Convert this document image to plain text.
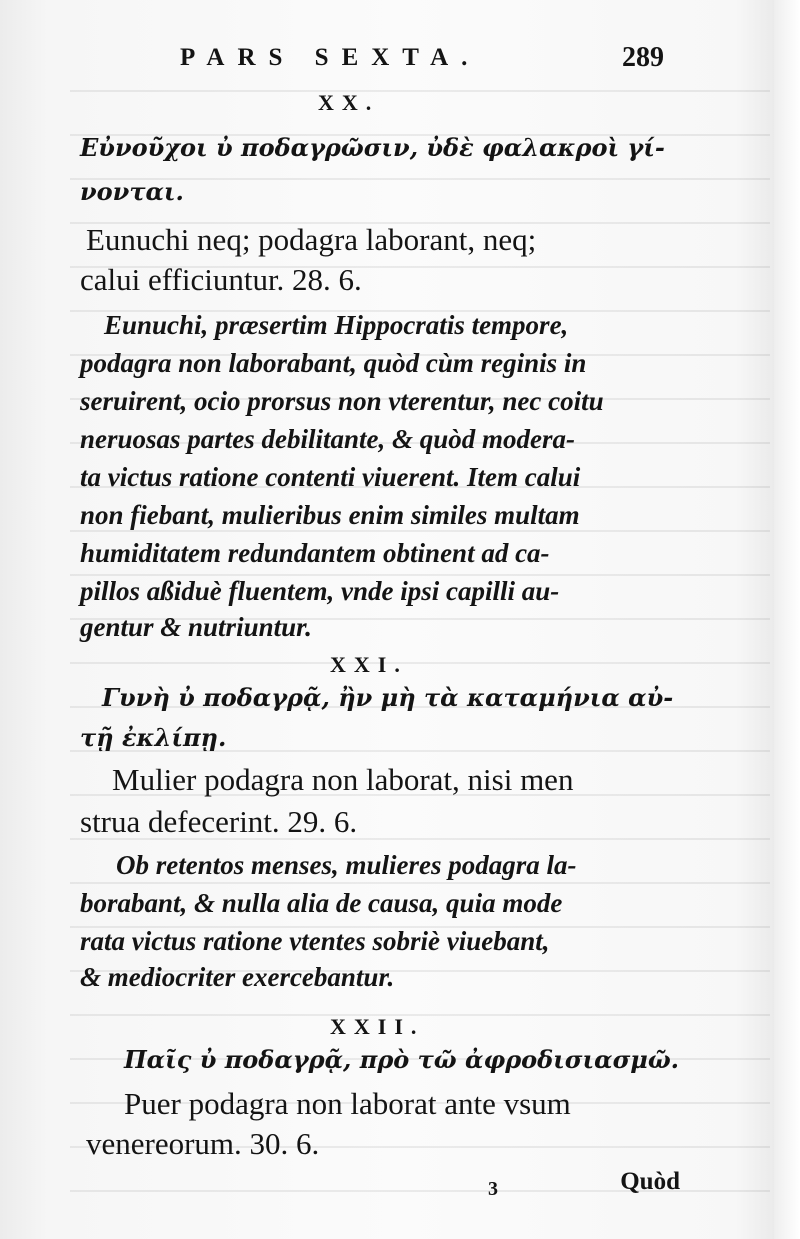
PARS SEXTA.	289
XX.
Εὐνοῦχοι ὐ ποδαγρῶσιν, ὐδὲ φαλακροὶ γί-
νονται.
Eunuchi neq; podagra laborant, neq;
calui efficiuntur. 28. 6.
Eunuchi, præsertim Hippocratis tempore,
podagra non laborabant, quòd cùm reginis in
seruirent, ocio prorsus non vterentur, nec coitu
neruosas partes debilitante, & quòd modera-
ta victus ratione contenti viuerent. Item calui
non fiebant, mulieribus enim similes multam
humiditatem redundantem obtinent ad ca-
pillos aßiduè fluentem, vnde ipsi capilli au-
gentur & nutriuntur.
XXI.
Γυνὴ ὐ ποδαγρᾷ, ἢν μὴ τὰ καταμήνια αὐ-
τῇ ἐκλίπῃ.
Mulier podagra non laborat, nisi men
strua defecerint. 29. 6.
Ob retentos menses, mulieres podagra la-
borabant, & nulla alia de causa, quia mode
rata victus ratione vtentes sobriè viuebant,
& mediocriter exercebantur.
XXII.
Παῖς ὐ ποδαγρᾷ, πρὸ τῶ ἀφροδισιασμῶ.
Puer podagra non laborat ante vsum
venereorum. 30. 6.
3	Quòd
